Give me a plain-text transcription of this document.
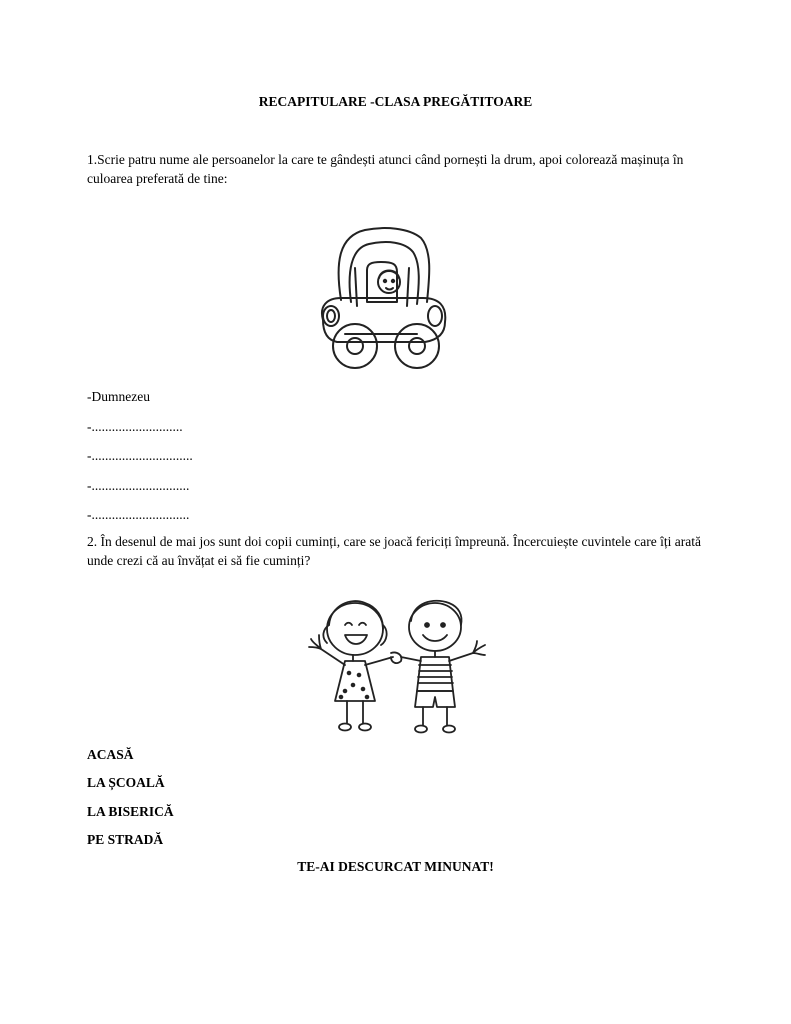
RECAPITULARE -CLASA PREGĂTITOARE
1.Scrie patru nume ale persoanelor la care te gândești atunci când pornești la drum, apoi colorează mașinuța în culoarea preferată de tine:
-Dumnezeu
-...........................
-..............................
-.............................
-.............................
2. În desenul de mai jos sunt doi copii cuminți, care se joacă fericiți împreună. Încercuiește cuvintele care îți arată unde crezi că au învățat ei să fie cuminți?
ACASĂ
LA ȘCOALĂ
LA BISERICĂ
PE STRADĂ
TE-AI DESCURCAT MINUNAT!
